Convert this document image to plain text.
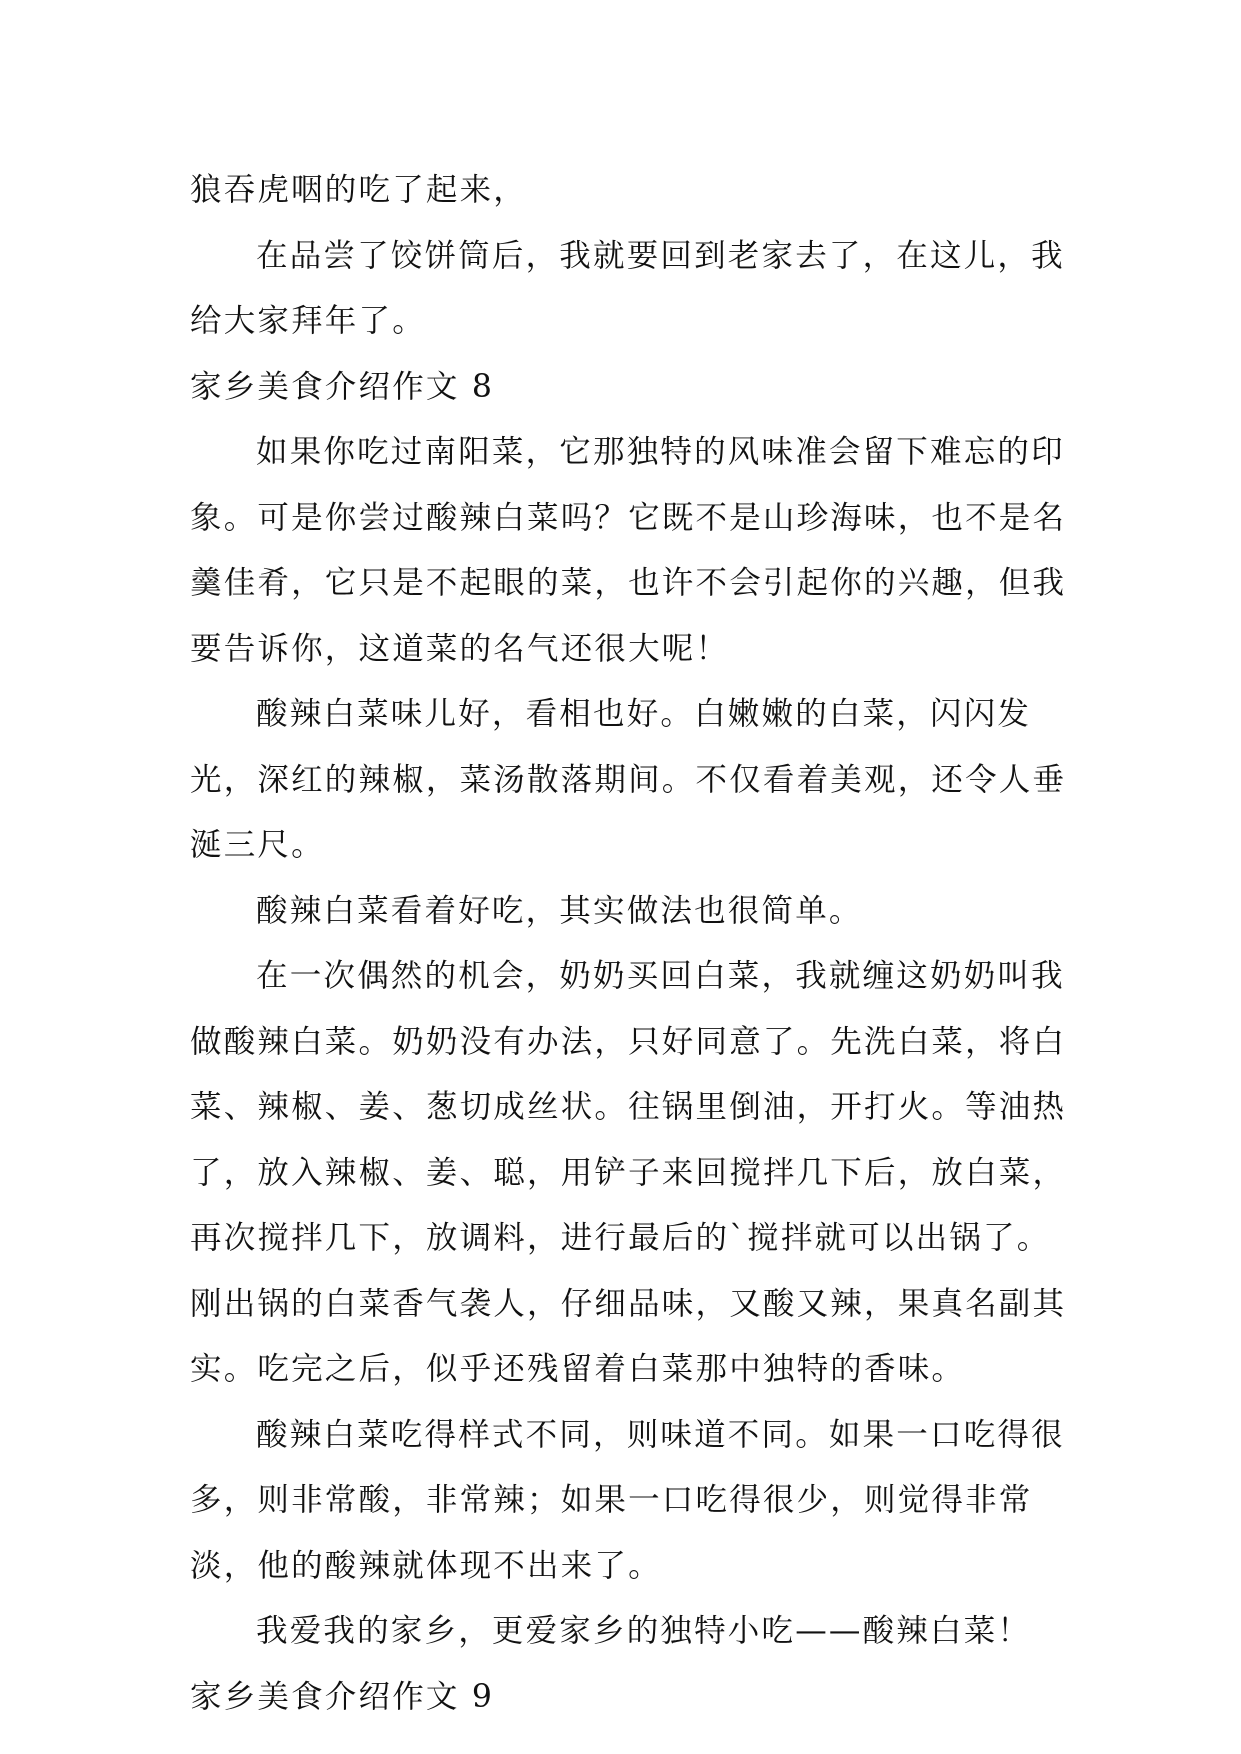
狼吞虎咽的吃了起来，

在品尝了饺饼筒后，我就要回到老家去了，在这儿，我给大家拜年了。

家乡美食介绍作文 8

如果你吃过南阳菜，它那独特的风味准会留下难忘的印象。可是你尝过酸辣白菜吗？它既不是山珍海味，也不是名羹佳肴，它只是不起眼的菜，也许不会引起你的兴趣，但我要告诉你，这道菜的名气还很大呢！

酸辣白菜味儿好，看相也好。白嫩嫩的白菜，闪闪发光，深红的辣椒，菜汤散落期间。不仅看着美观，还令人垂涎三尺。

酸辣白菜看着好吃，其实做法也很简单。

在一次偶然的机会，奶奶买回白菜，我就缠这奶奶叫我做酸辣白菜。奶奶没有办法，只好同意了。先洗白菜，将白菜、辣椒、姜、葱切成丝状。往锅里倒油，开打火。等油热了，放入辣椒、姜、聪，用铲子来回搅拌几下后，放白菜，再次搅拌几下，放调料，进行最后的`搅拌就可以出锅了。刚出锅的白菜香气袭人，仔细品味，又酸又辣，果真名副其实。吃完之后，似乎还残留着白菜那中独特的香味。

酸辣白菜吃得样式不同，则味道不同。如果一口吃得很多，则非常酸，非常辣；如果一口吃得很少，则觉得非常淡，他的酸辣就体现不出来了。

我爱我的家乡，更爱家乡的独特小吃——酸辣白菜！

家乡美食介绍作文 9
